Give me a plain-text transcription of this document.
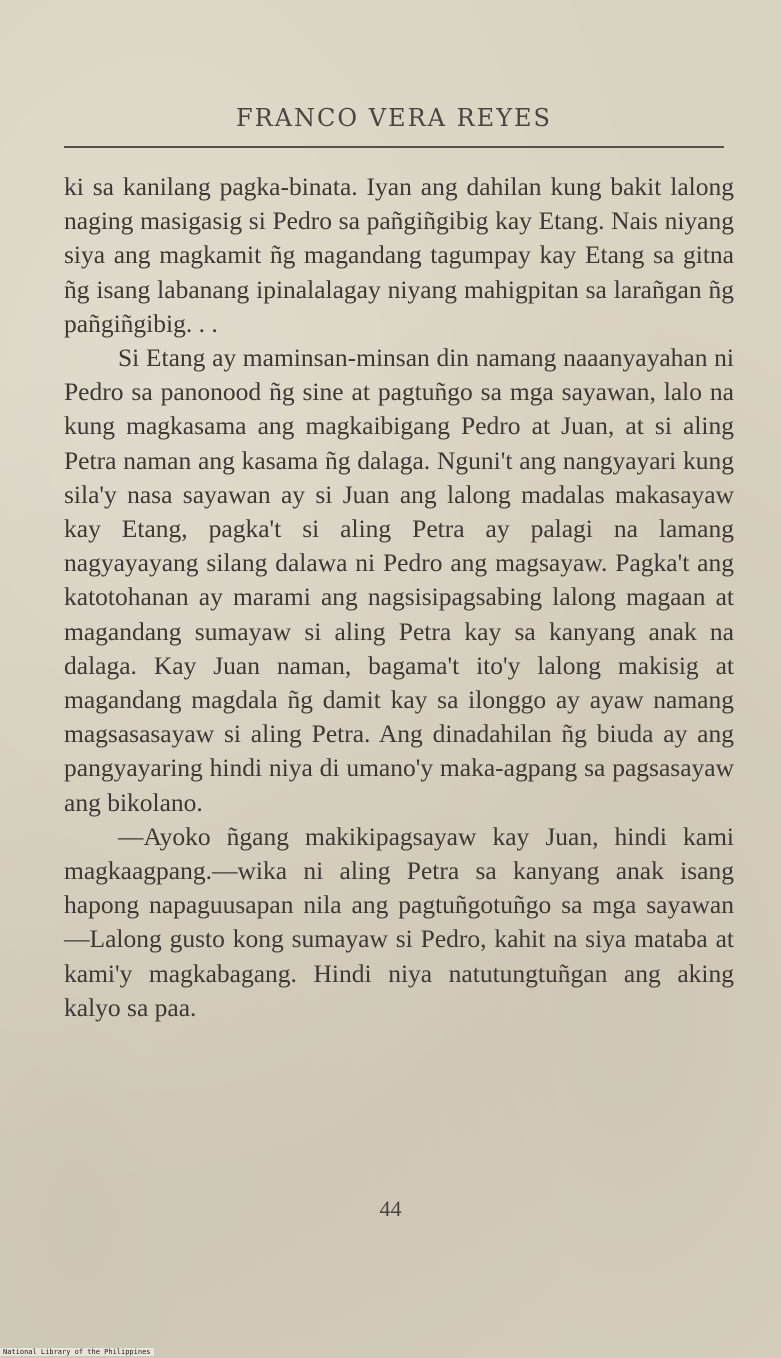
FRANCO VERA REYES

ki sa kanilang pagka-binata. Iyan ang dahilan kung bakit lalong naging masigasig si Pedro sa pañgiñgibig kay Etang. Nais niyang siya ang magkamit ñg magandang tagumpay kay Etang sa gitna ñg isang labanang ipinalalagay niyang mahigpitan sa larañgan ñg pañgiñgibig. . .

Si Etang ay maminsan-minsan din namang naaanyayahan ni Pedro sa panonood ñg sine at pagtuñgo sa mga sayawan, lalo na kung magkasama ang magkaibigang Pedro at Juan, at si aling Petra naman ang kasama ñg dalaga. Nguni't ang nangyayari kung sila'y nasa sayawan ay si Juan ang lalong madalas makasayaw kay Etang, pagka't si aling Petra ay palagi na lamang nagyayayang silang dalawa ni Pedro ang magsayaw. Pagka't ang katotohanan ay marami ang nagsisipagsabing lalong magaan at magandang sumayaw si aling Petra kay sa kanyang anak na dalaga. Kay Juan naman, bagama't ito'y lalong makisig at magandang magdala ñg damit kay sa ilonggo ay ayaw namang magsasasayaw si aling Petra. Ang dinadahilan ñg biuda ay ang pangyayaring hindi niya di umano'y maka-agpang sa pagsasayaw ang bikolano.

—Ayoko ñgang makikipagsayaw kay Juan, hindi kami magkaagpang.—wika ni aling Petra sa kanyang anak isang hapong napaguusapan nila ang pagtuñgotuñgo sa mga sayawan—Lalong gusto kong sumayaw si Pedro, kahit na siya mataba at kami'y magkabagang. Hindi niya natutungtuñgan ang aking kalyo sa paa.

44
National Library of the Philippines
